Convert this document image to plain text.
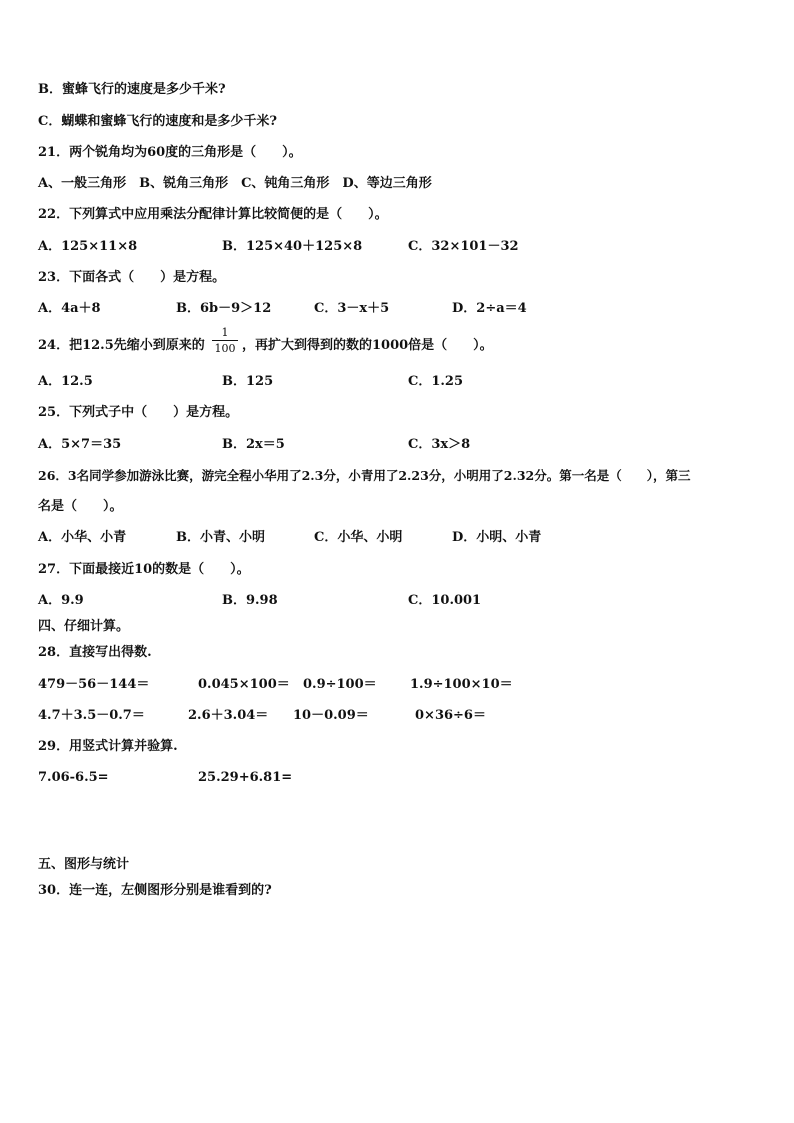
B．蜜蜂飞行的速度是多少千米?
C．蝴蝶和蜜蜂飞行的速度和是多少千米?
21．两个锐角均为60度的三角形是（　　）。
A、一般三角形　B、锐角三角形　C、钝角三角形　D、等边三角形
22．下列算式中应用乘法分配律计算比较简便的是（　　）。
A．125×11×8	B．125×40＋125×8	C．32×101－32
23．下面各式（　　）是方程。
A．4a＋8	B．6b－9＞12	C．3－x＋5	D．2÷a＝4
24．把12.5先缩小到原来的 $\frac{1}{100}$ ，再扩大到得到的数的1000倍是（　　）。
A．12.5	B．125	C．1.25
25．下列式子中（　　）是方程。
A．5×7＝35	B．2x＝5	C．3x＞8
26．3名同学参加游泳比赛，游完全程小华用了2.3分，小青用了2.23分，小明用了2.32分。第一名是（　　），第三
名是（　　）。
A．小华、小青	B．小青、小明	C．小华、小明	D．小明、小青
27．下面最接近10的数是（　　）。
A．9.9	B．9.98	C．10.001
四、仔细计算。
28．直接写出得数.
479－56－144＝	0.045×100＝ 0.9÷100＝	1.9÷100×10＝
4.7＋3.5－0.7＝	2.6＋3.04＝ 10－0.09＝	0×36÷6＝
29．用竖式计算并验算.
7.06-6.5=	25.29+6.81=
五、图形与统计
30．连一连，左侧图形分别是谁看到的?
